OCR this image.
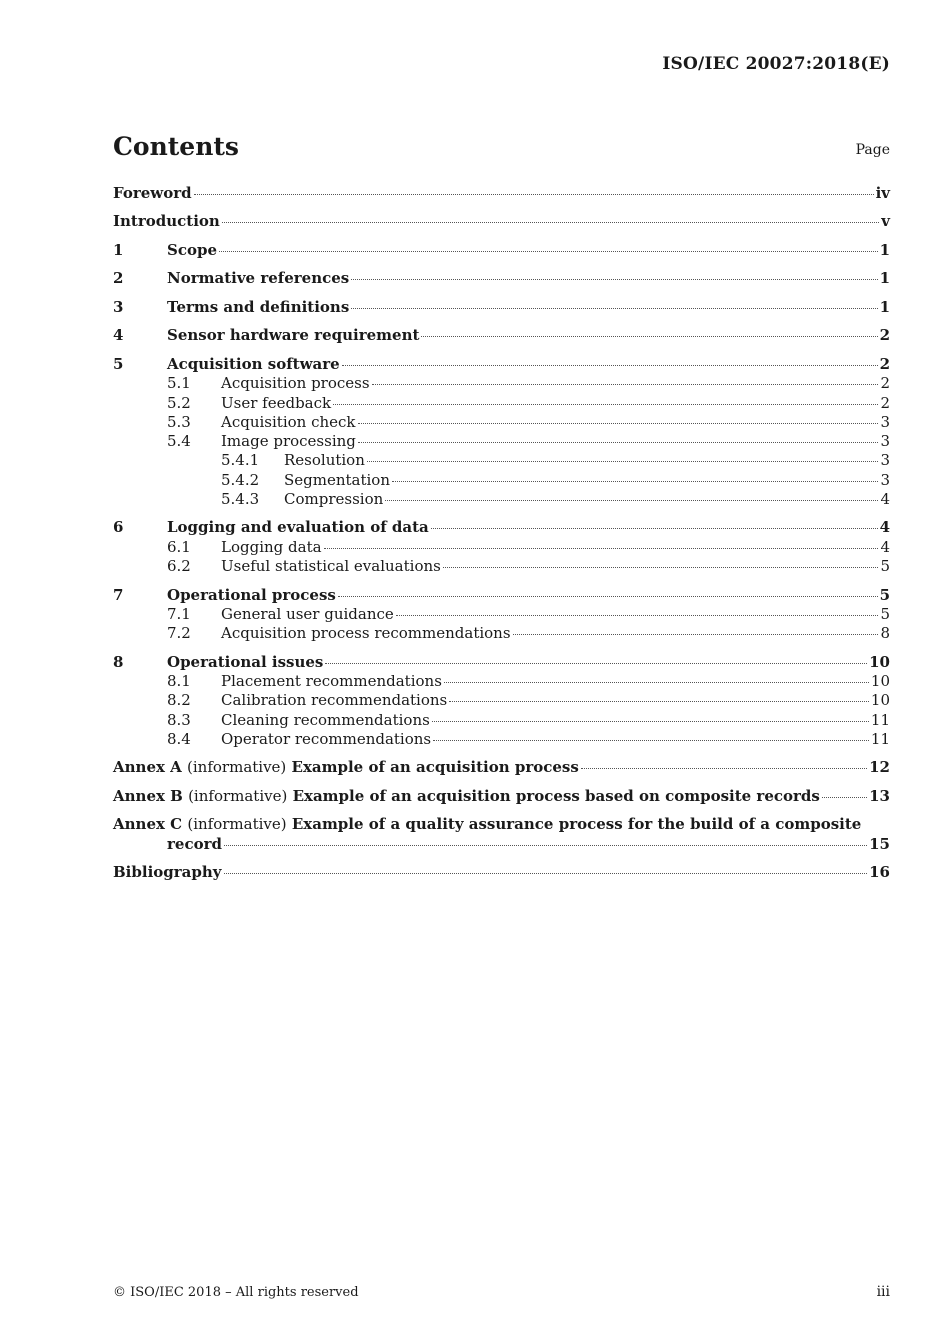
ISO/IEC 20027:2018(E)
Contents	Page
Foreword	iv
Introduction	v
1	Scope	1
2	Normative references	1
3	Terms and definitions	1
4	Sensor hardware requirement	2
5	Acquisition software	2
5.1	Acquisition process	2
5.2	User feedback	2
5.3	Acquisition check	3
5.4	Image processing	3
5.4.1	Resolution	3
5.4.2	Segmentation	3
5.4.3	Compression	4
6	Logging and evaluation of data	4
6.1	Logging data	4
6.2	Useful statistical evaluations	5
7	Operational process	5
7.1	General user guidance	5
7.2	Acquisition process recommendations	8
8	Operational issues	10
8.1	Placement recommendations	10
8.2	Calibration recommendations	10
8.3	Cleaning recommendations	11
8.4	Operator recommendations	11
Annex A (informative) Example of an acquisition process	12
Annex B (informative) Example of an acquisition process based on composite records	13
Annex C (informative) Example of a quality assurance process for the build of a composite
record	15
Bibliography	16
© ISO/IEC 2018 – All rights reserved	iii
